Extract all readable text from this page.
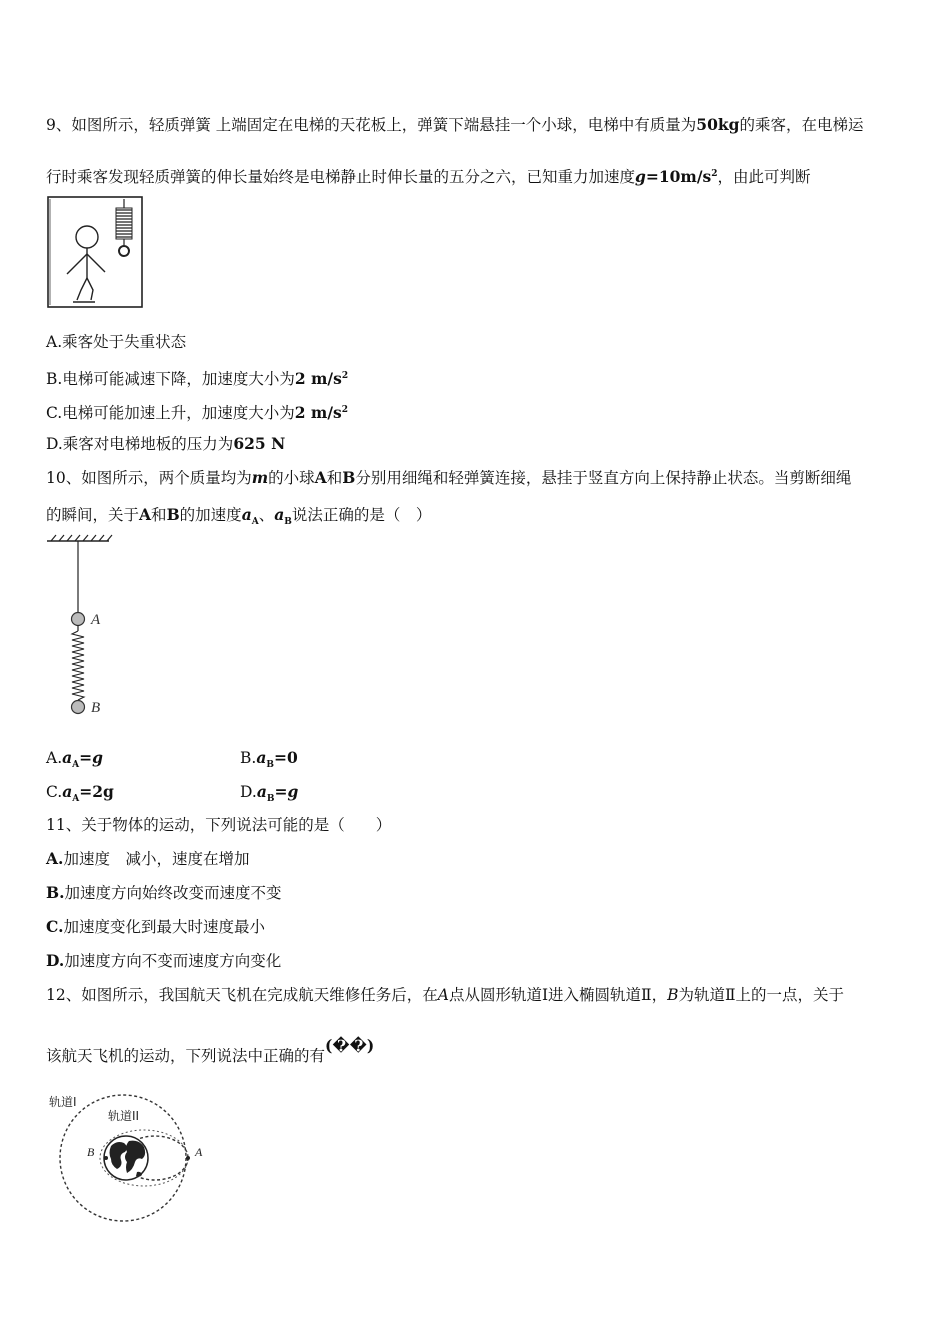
9、如图所示，轻质弹簧 上端固定在电梯的天花板上，弹簧下端悬挂一个小球，电梯中有质量为50kg的乘客，在电梯运
行时乘客发现轻质弹簧的伸长量始终是电梯静止时伸长量的五分之六，已知重力加速度$g=10m/s^2$，由此可判断
A.乘客处于失重状态
B.电梯可能减速下降，加速度大小为2 $m/s^2$
C.电梯可能加速上升，加速度大小为2 $m/s^2$
D.乘客对电梯地板的压力为625 N
10、如图所示，两个质量均为m的小球A和B分别用细绳和轻弹簧连接，悬挂于竖直方向上保持静止状态。当剪断细绳
的瞬间，关于A和B的加速度$a_A$、$a_B$说法正确的是（　）
A
B
$A.a_A=g$	$B.a_B=0$
$C.a_A=2g$	$D.a_B=g$
11、关于物体的运动，下列说法可能的是（　　）
A.加速度　减小，速度在增加
B.加速度方向始终改变而速度不变
C.加速度变化到最大时速度最小
D.加速度方向不变而速度方向变化
12、如图所示，我国航天飞机在完成航天维修任务后，在A点从圆形轨道Ⅰ进入椭圆轨道Ⅱ，B为轨道Ⅱ上的一点，关于
该航天飞机的运动，下列说法中正确的有(��)
轨道I
轨道II
B	A
